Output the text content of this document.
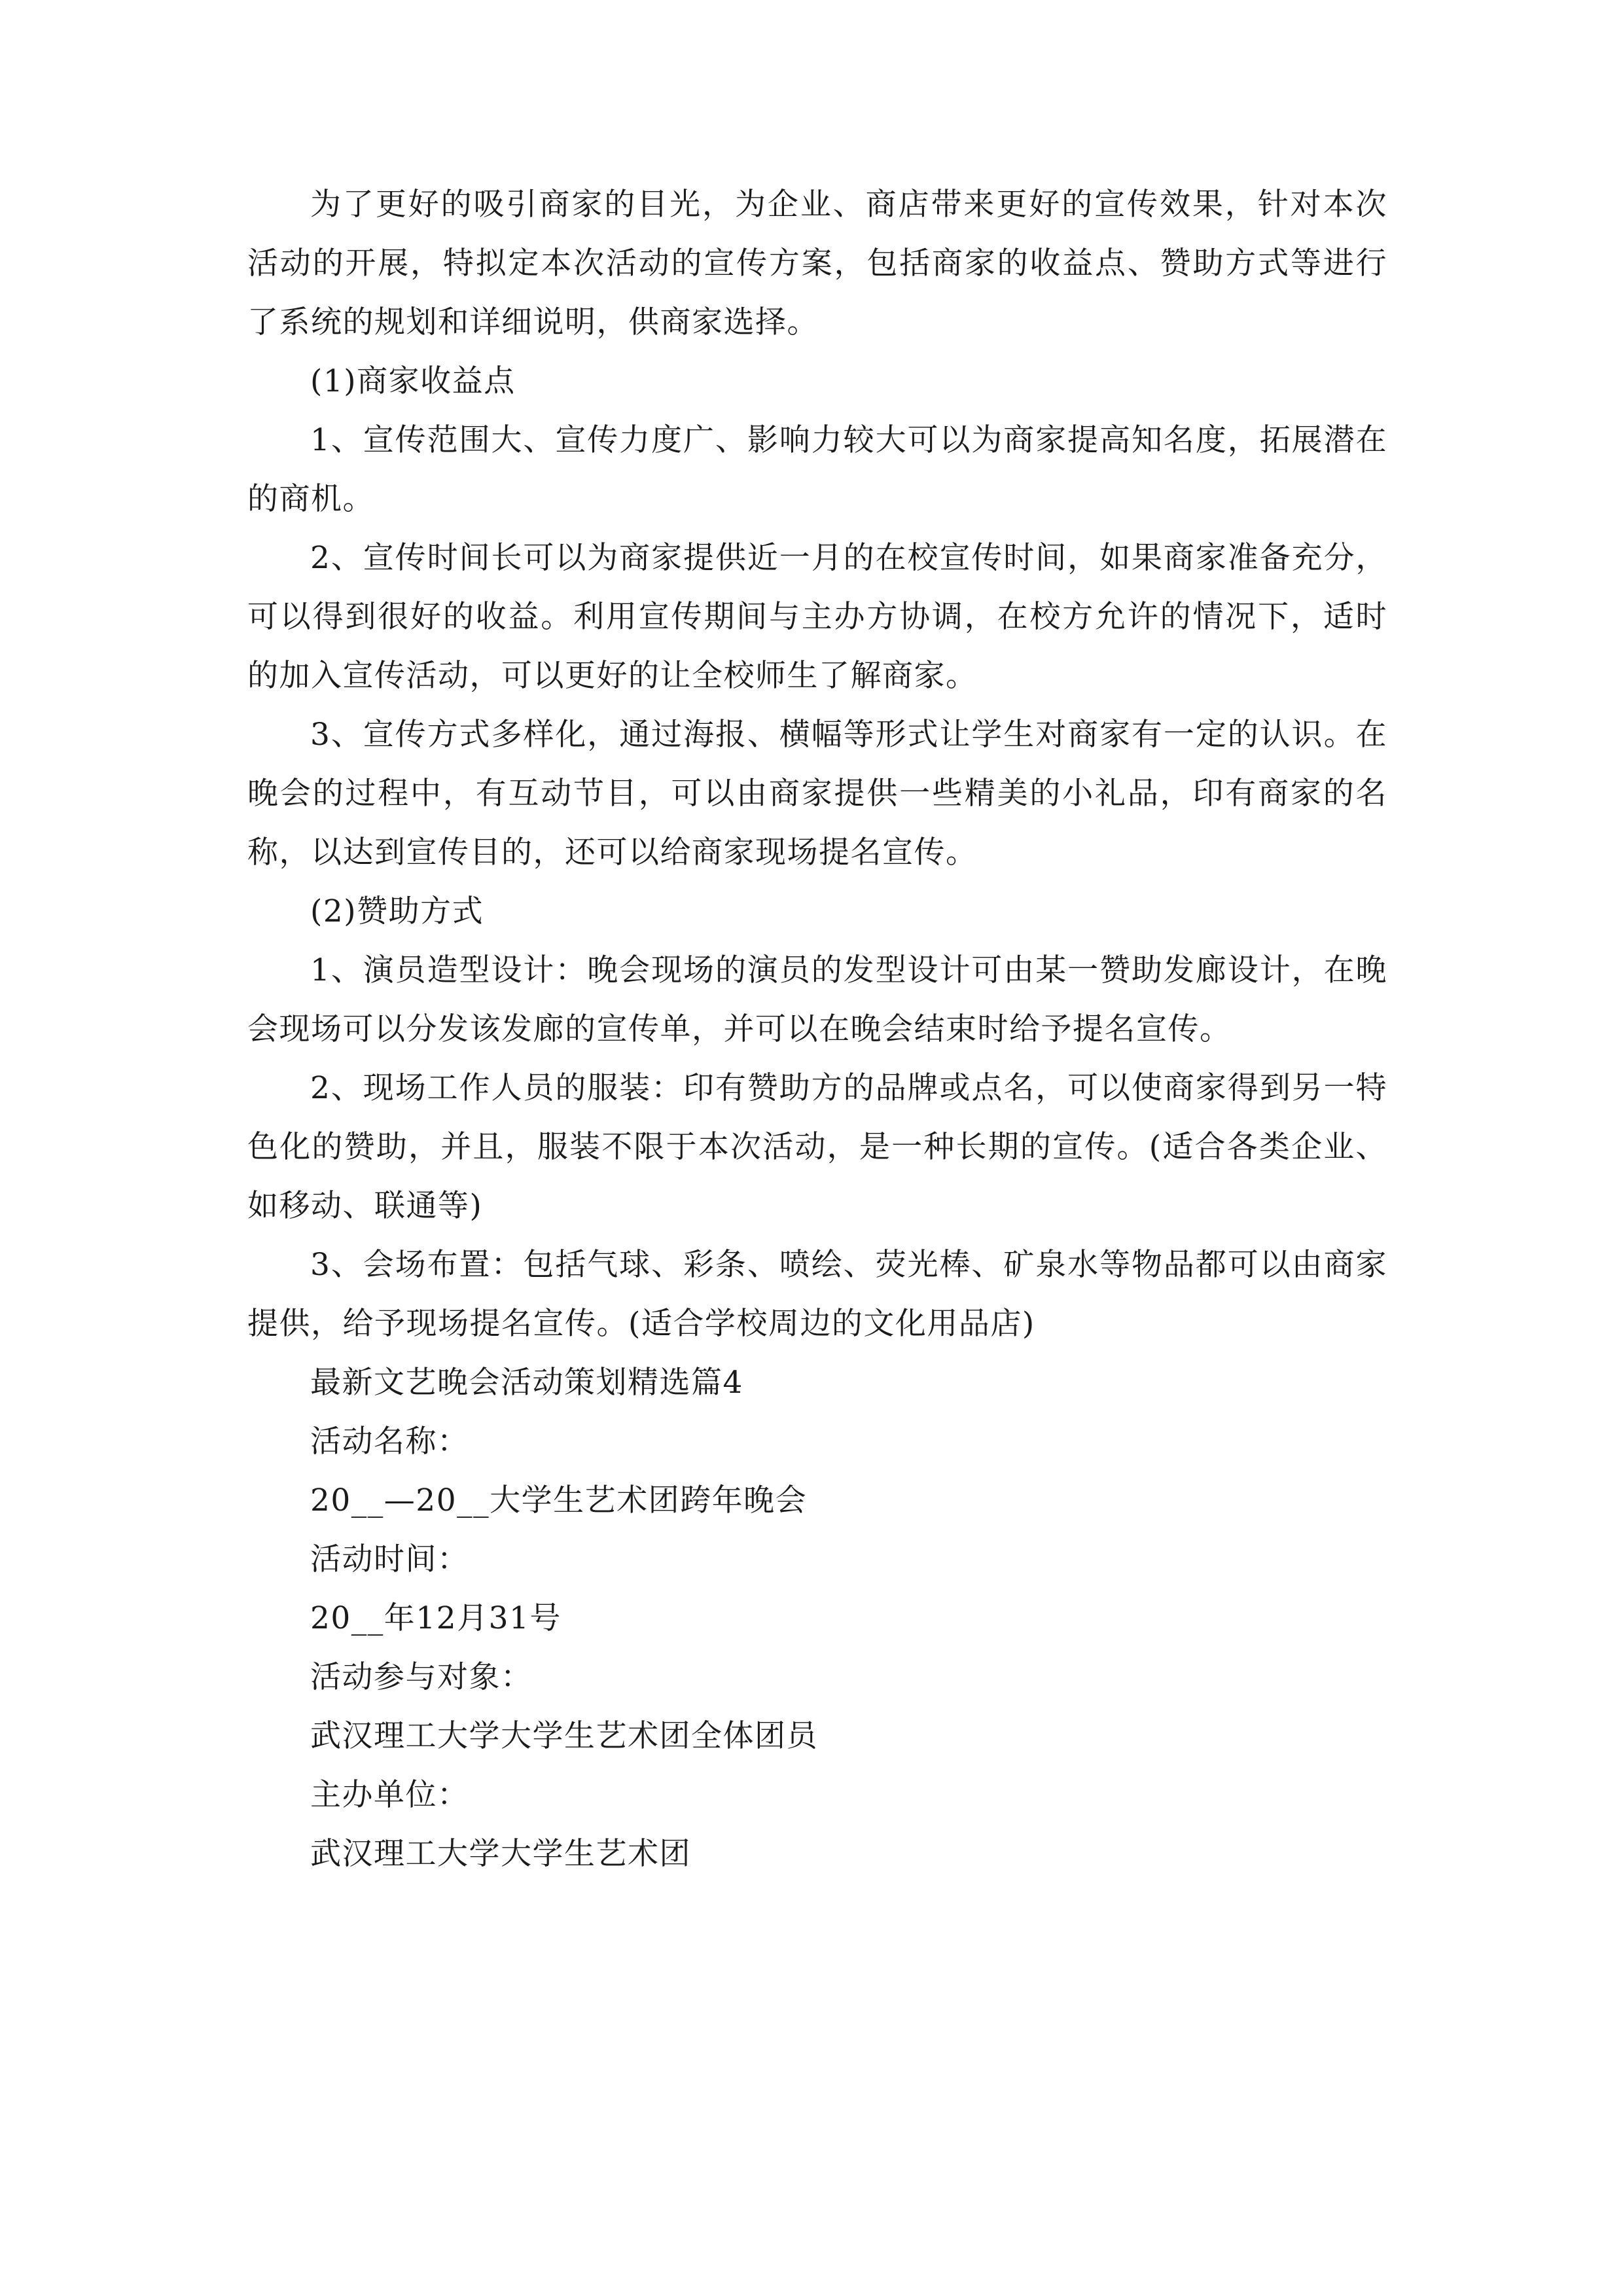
为了更好的吸引商家的目光，为企业、商店带来更好的宣传效果，针对本次活动的开展，特拟定本次活动的宣传方案，包括商家的收益点、赞助方式等进行了系统的规划和详细说明，供商家选择。

(1)商家收益点

1、宣传范围大、宣传力度广、影响力较大可以为商家提高知名度，拓展潜在的商机。

2、宣传时间长可以为商家提供近一月的在校宣传时间，如果商家准备充分，可以得到很好的收益。利用宣传期间与主办方协调，在校方允许的情况下，适时的加入宣传活动，可以更好的让全校师生了解商家。

3、宣传方式多样化，通过海报、横幅等形式让学生对商家有一定的认识。在晚会的过程中，有互动节目，可以由商家提供一些精美的小礼品，印有商家的名称，以达到宣传目的，还可以给商家现场提名宣传。

(2)赞助方式

1、演员造型设计：晚会现场的演员的发型设计可由某一赞助发廊设计，在晚会现场可以分发该发廊的宣传单，并可以在晚会结束时给予提名宣传。

2、现场工作人员的服装：印有赞助方的品牌或点名，可以使商家得到另一特色化的赞助，并且，服装不限于本次活动，是一种长期的宣传。(适合各类企业、如移动、联通等)

3、会场布置：包括气球、彩条、喷绘、荧光棒、矿泉水等物品都可以由商家提供，给予现场提名宣传。(适合学校周边的文化用品店)

最新文艺晚会活动策划精选篇4

活动名称：

20__—20__大学生艺术团跨年晚会

活动时间：

20__年12月31号

活动参与对象：

武汉理工大学大学生艺术团全体团员

主办单位：

武汉理工大学大学生艺术团
